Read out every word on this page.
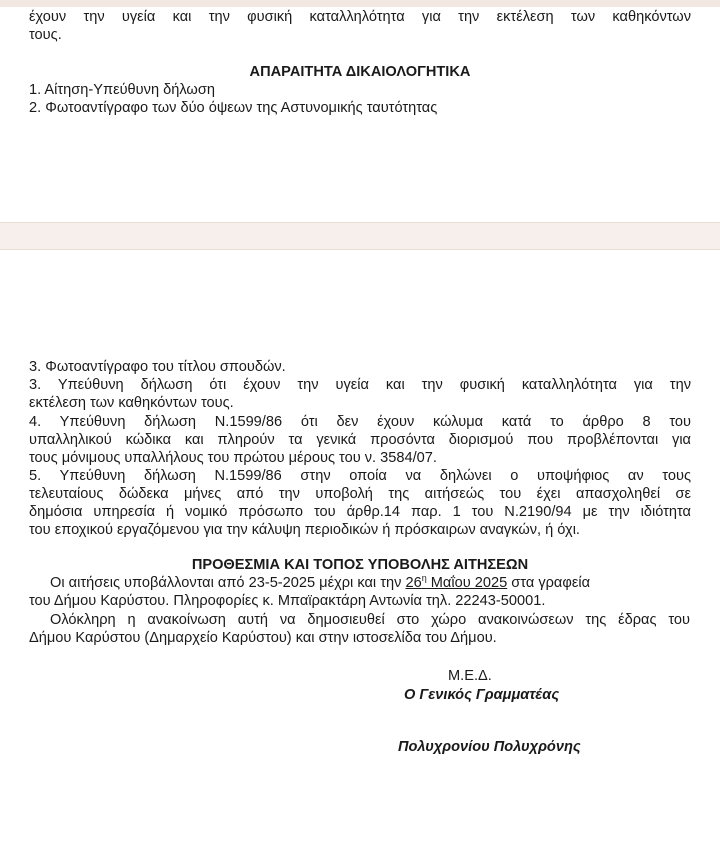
έχουν την υγεία και την φυσική καταλληλότητα για την εκτέλεση των καθηκόντων
τους.
ΑΠΑΡΑΙΤΗΤΑ ΔΙΚΑΙΟΛΟΓΗΤΙΚΑ
1. Αίτηση-Υπεύθυνη δήλωση
2. Φωτοαντίγραφο των δύο όψεων της Αστυνομικής ταυτότητας
3. Φωτοαντίγραφο του τίτλου σπουδών.
3. Υπεύθυνη δήλωση ότι έχουν την υγεία και την φυσική καταλληλότητα για την
εκτέλεση των καθηκόντων τους.
4. Υπεύθυνη δήλωση Ν.1599/86 ότι δεν έχουν κώλυμα κατά το άρθρο 8 του
υπαλληλικού κώδικα και πληρούν τα γενικά προσόντα διορισμού που προβλέπονται για
τους μόνιμους υπαλλήλους του πρώτου μέρους του ν. 3584/07.
5. Υπεύθυνη δήλωση Ν.1599/86 στην οποία να δηλώνει ο υποψήφιος αν τους
τελευταίους δώδεκα μήνες από την υποβολή της αιτήσεώς του έχει απασχοληθεί σε
δημόσια υπηρεσία ή νομικό πρόσωπο του άρθρ.14 παρ. 1 του Ν.2190/94 με την ιδιότητα
του εποχικού εργαζόμενου για την κάλυψη περιοδικών ή πρόσκαιρων αναγκών, ή όχι.
ΠΡΟΘΕΣΜΙΑ ΚΑΙ ΤΟΠΟΣ ΥΠΟΒΟΛΗΣ ΑΙΤΗΣΕΩΝ
Οι αιτήσεις υποβάλλονται από 23-5-2025 μέχρι και την $26^\eta$ Μαΐου 2025 στα γραφεία
του Δήμου Καρύστου. Πληροφορίες κ. Μπαϊρακτάρη Αντωνία τηλ. 22243-50001.
Ολόκληρη η ανακοίνωση αυτή να δημοσιευθεί στο χώρο ανακοινώσεων της έδρας του
Δήμου Καρύστου (Δημαρχείο Καρύστου) και στην ιστοσελίδα του Δήμου.
Μ.Ε.Δ.
Ο Γενικός Γραμματέας
Πολυχρονίου Πολυχρόνης
